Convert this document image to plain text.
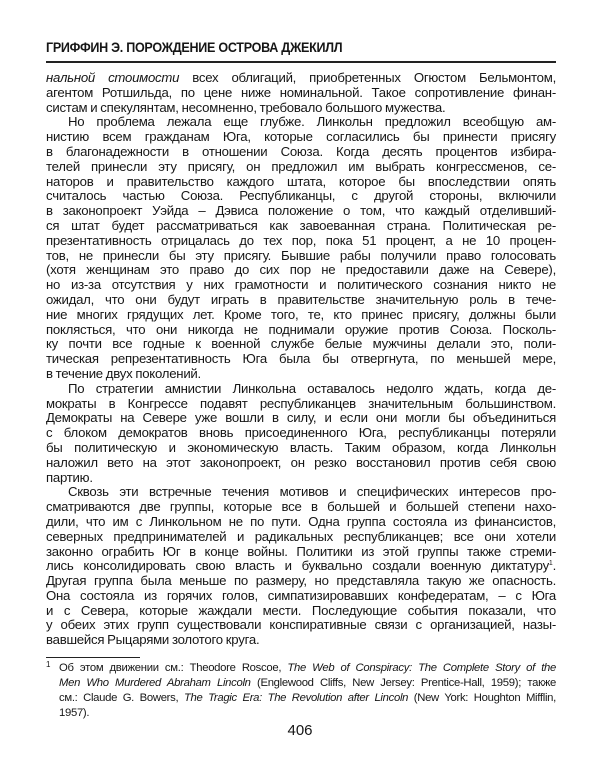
ГРИФФИН Э. ПОРОЖДЕНИЕ ОСТРОВА ДЖЕКИЛЛ
нальной стоимости всех облигаций, приобретенных Огюстом Бельмонтом,
агентом Ротшильда, по цене ниже номинальной. Такое сопротивление финан-
систам и спекулянтам, несомненно, требовало большого мужества.
Но проблема лежала еще глубже. Линкольн предложил всеобщую ам-
нистию всем гражданам Юга, которые согласились бы принести присягу
в благонадежности в отношении Союза. Когда десять процентов избира-
телей принесли эту присягу, он предложил им выбрать конгрессменов, се-
наторов и правительство каждого штата, которое бы впоследствии опять
считалось частью Союза. Республиканцы, с другой стороны, включили
в законопроект Уэйда – Дэвиса положение о том, что каждый отделивший-
ся штат будет рассматриваться как завоеванная страна. Политическая ре-
презентативность отрицалась до тех пор, пока 51 процент, а не 10 процен-
тов, не принесли бы эту присягу. Бывшие рабы получили право голосовать
(хотя женщинам это право до сих пор не предоставили даже на Севере),
но из-за отсутствия у них грамотности и политического сознания никто не
ожидал, что они будут играть в правительстве значительную роль в тече-
ние многих грядущих лет. Кроме того, те, кто принес присягу, должны были
поклясться, что они никогда не поднимали оружие против Союза. Посколь-
ку почти все годные к военной службе белые мужчины делали это, поли-
тическая репрезентативность Юга была бы отвергнута, по меньшей мере,
в течение двух поколений.
По стратегии амнистии Линкольна оставалось недолго ждать, когда де-
мократы в Конгрессе подавят республиканцев значительным большинством.
Демократы на Севере уже вошли в силу, и если они могли бы объединиться
с блоком демократов вновь присоединенного Юга, республиканцы потеряли
бы политическую и экономическую власть. Таким образом, когда Линкольн
наложил вето на этот законопроект, он резко восстановил против себя свою
партию.
Сквозь эти встречные течения мотивов и специфических интересов про-
сматриваются две группы, которые все в большей и большей степени нахо-
дили, что им с Линкольном не по пути. Одна группа состояла из финансистов,
северных предпринимателей и радикальных республиканцев; все они хотели
законно ограбить Юг в конце войны. Политики из этой группы также стреми-
лись консолидировать свою власть и буквально создали военную диктатуру$^1$.
Другая группа была меньше по размеру, но представляла такую же опасность.
Она состояла из горячих голов, симпатизировавших конфедератам, – с Юга
и с Севера, которые жаждали мести. Последующие события показали, что
у обеих этих групп существовали конспиративные связи с организацией, назы-
вавшейся Рыцарями золотого круга.
1 Об этом движении см.: Theodore Roscoe, The Web of Conspiracy: The Complete Story of the
Men Who Murdered Abraham Lincoln (Englewood Cliffs, New Jersey: Prentice-Hall, 1959); также
см.: Claude G. Bowers, The Tragic Era: The Revolution after Lincoln (New York: Houghton Mifflin,
1957).
406
